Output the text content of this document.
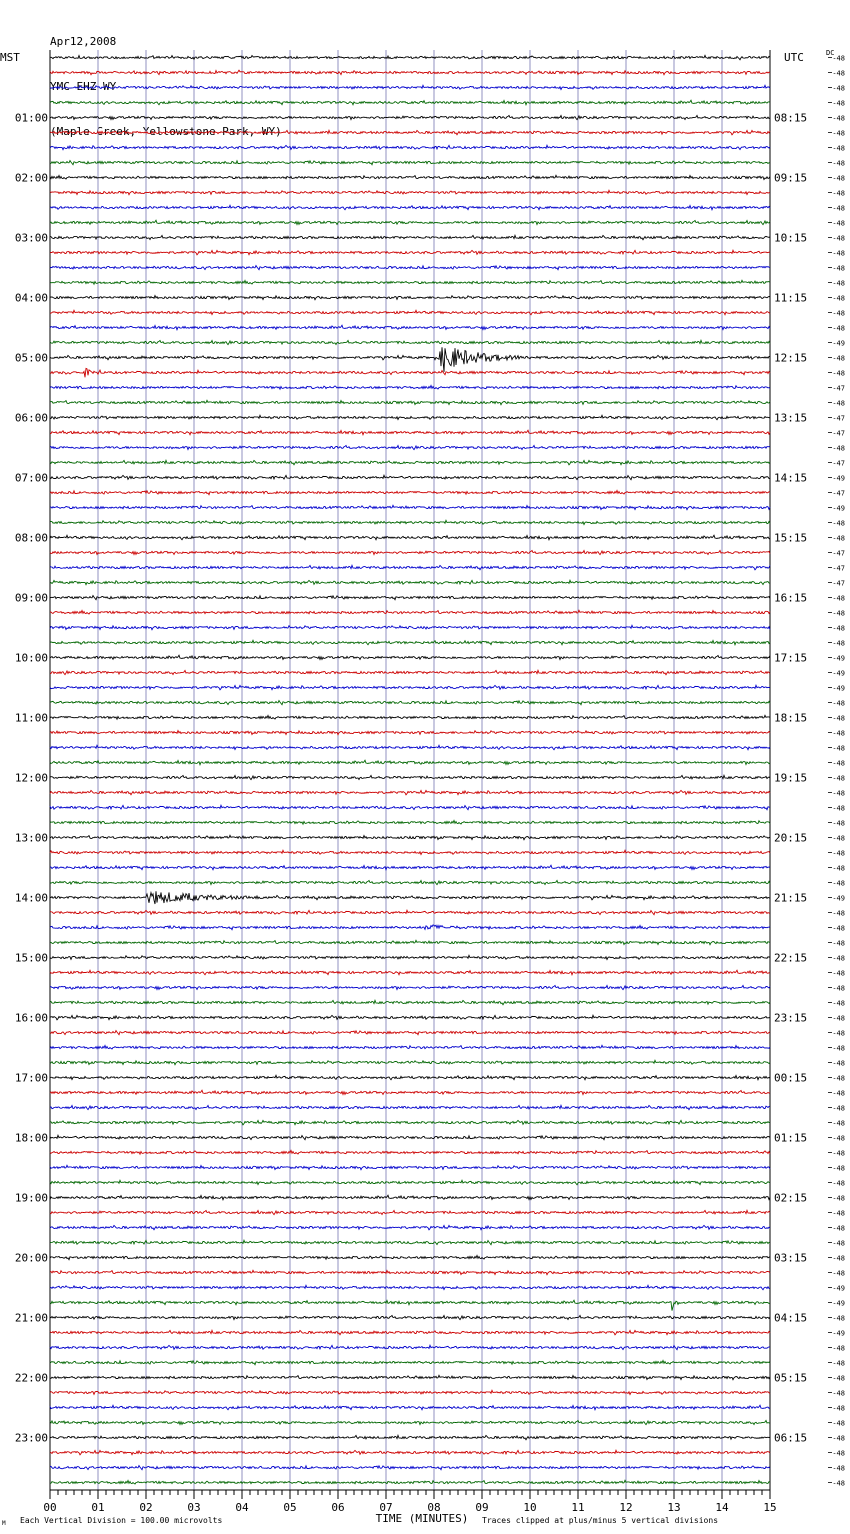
Apr12,2008

YMC EHZ WY

(Maple Creek, Yellowstone Park, WY)

MST	UTC	DC
-48
-48
-48
-48
-48
01:00	08:15
-48
-48
-48
-48
02:00	09:15
-48
-48
-48
-48
03:00	10:15
-48
-48
-48
-48
04:00	11:15
-48
-48
-49
-48
05:00	12:15
-48
-47
-48
-47
06:00	13:15
-47
-48
-47
-49
07:00	14:15
-47
-49
-48
-48
08:00	15:15
-47
-47
-47
-48
09:00	16:15
-48
-48
-48
-49
10:00	17:15
-49
-49
-48
-48
11:00	18:15
-48
-48
-48
-48
12:00	19:15
-48
-48
-48
-48
13:00	20:15
-48
-48
-48
-49
14:00	21:15
-48
-48
-48
-48
15:00	22:15
-48
-48
-48
-48
16:00	23:15
-48
-48
-48
-48
17:00	00:15
-48
-48
-48
-48
18:00	01:15
-48
-48
-48
-48
19:00	02:15
-48
-48
-48
-48
20:00	03:15
-48
-49
-49
-48
21:00	04:15
-49
-48
-48
-48
22:00	05:15
-48
-48
-48
-48
23:00	06:15
-48
-48
-48
00	01	02	03	04	05	06	07	08	09	10	11	12	13	14	15
TIME (MINUTES)
Each Vertical Division = 100.00 microvolts	Traces clipped at plus/minus 5 vertical divisions
M
